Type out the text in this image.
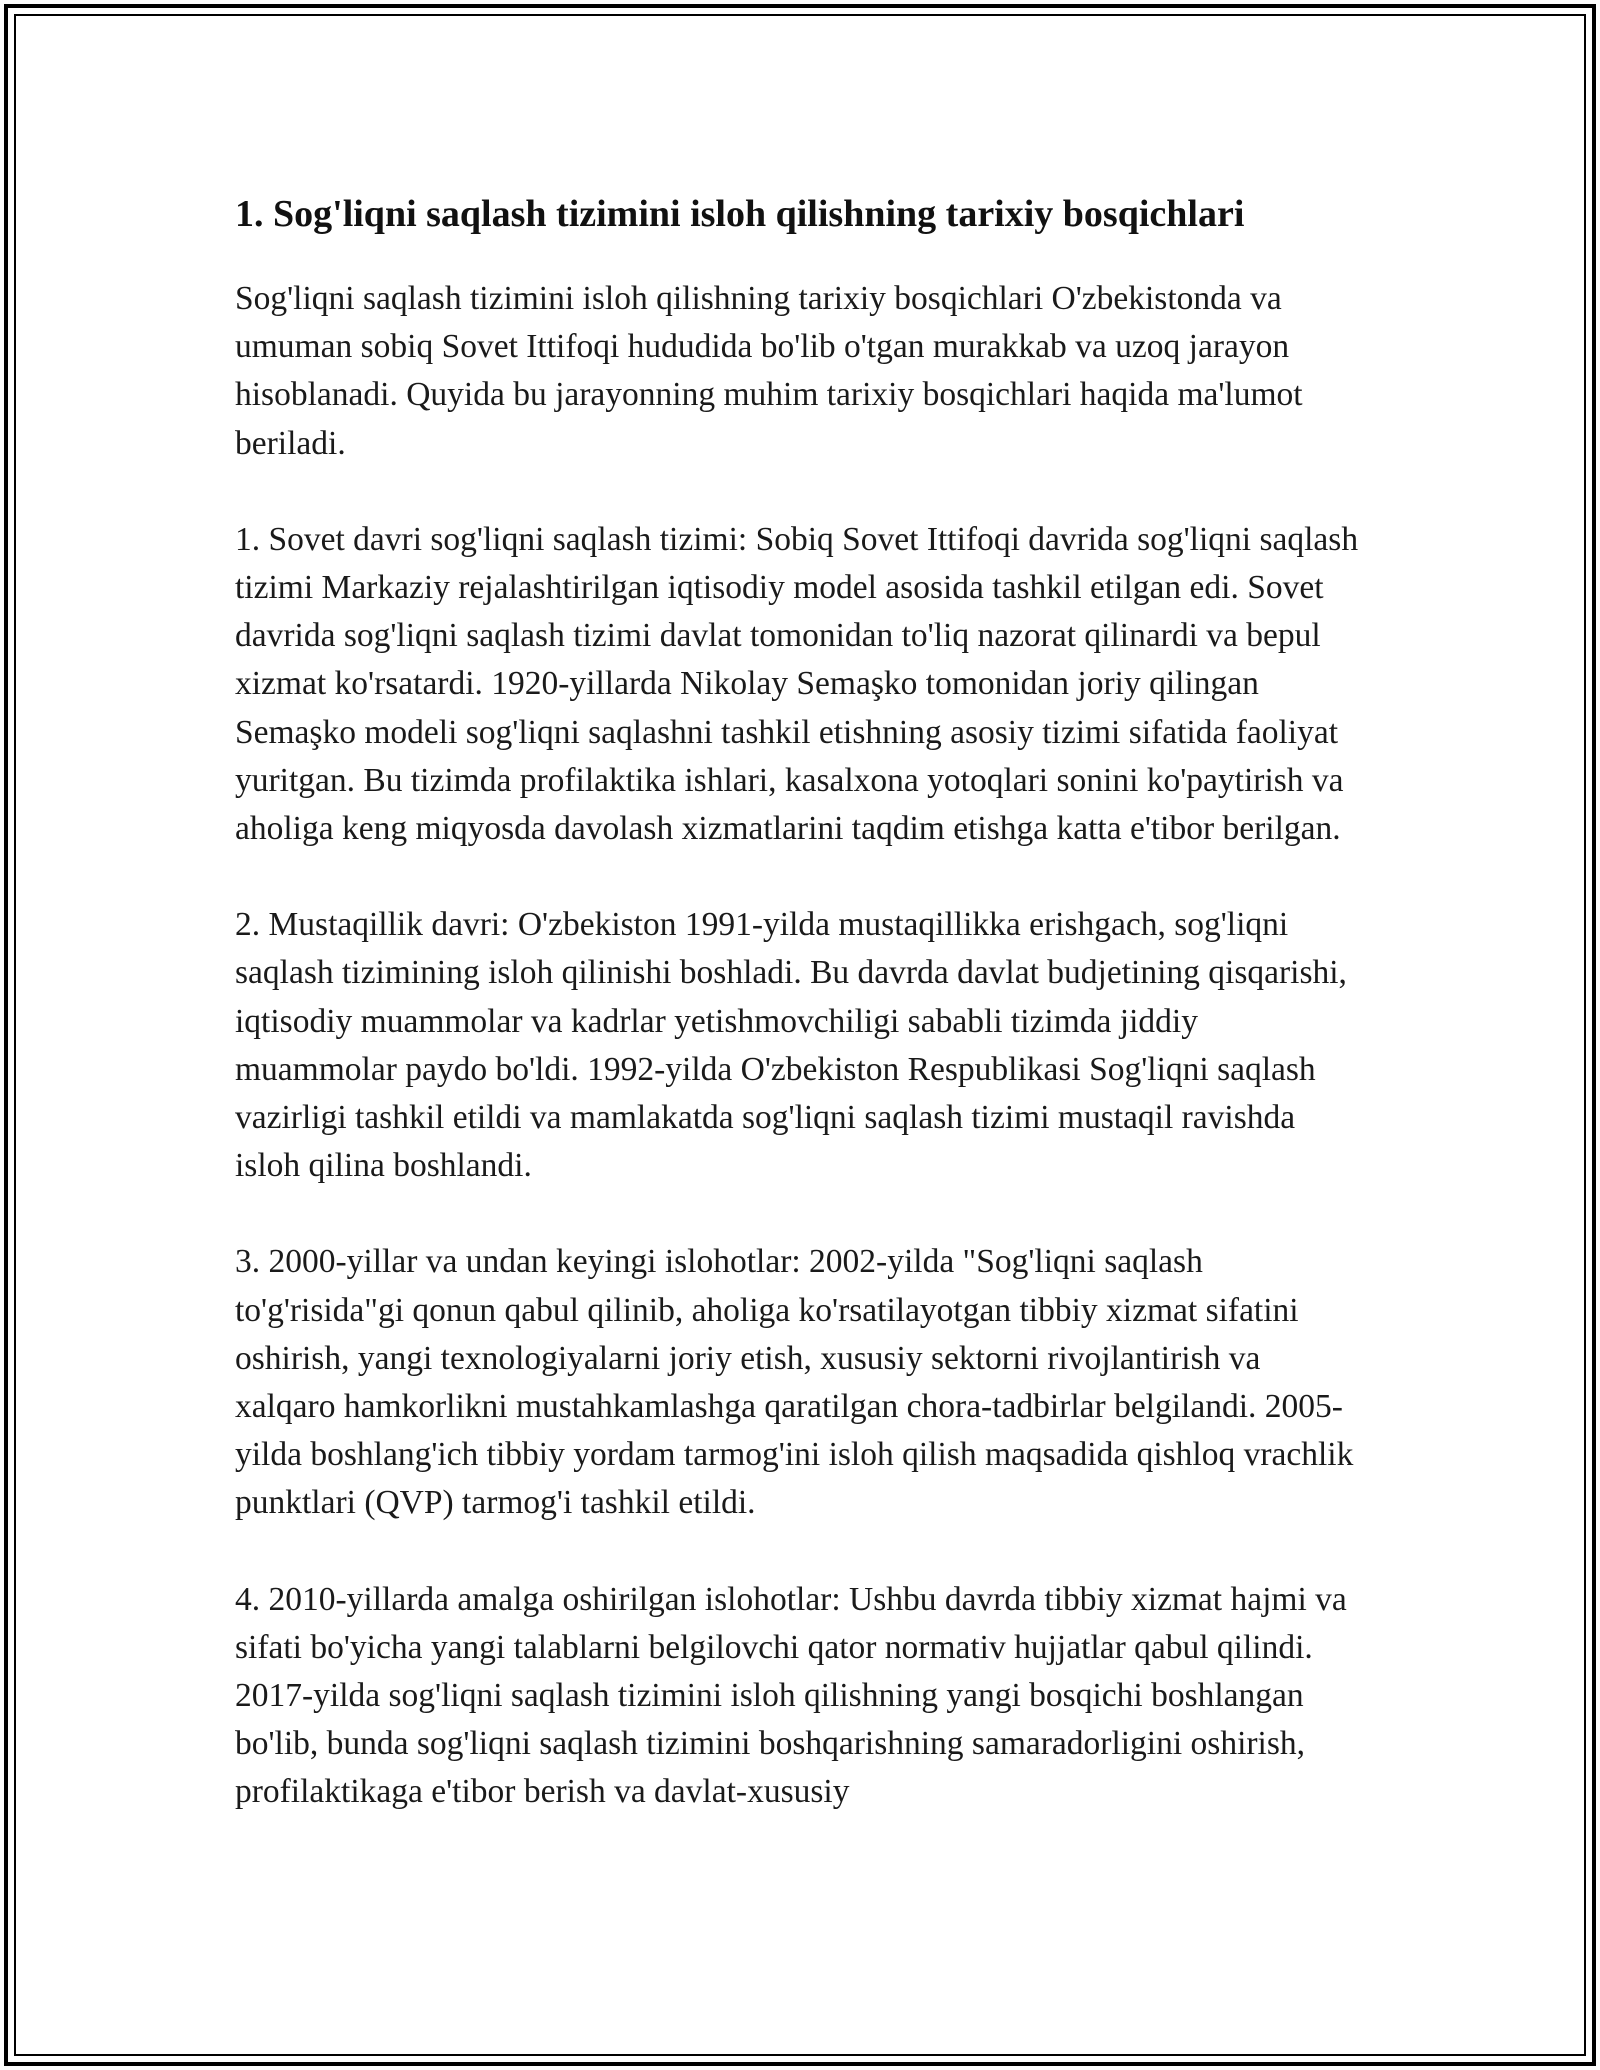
1. Sog'liqni saqlash tizimini isloh qilishning tarixiy bosqichlari

Sog'liqni saqlash tizimini isloh qilishning tarixiy bosqichlari O'zbekistonda va umuman sobiq Sovet Ittifoqi hududida bo'lib o'tgan murakkab va uzoq jarayon hisoblanadi. Quyida bu jarayonning muhim tarixiy bosqichlari haqida ma'lumot beriladi.

1. Sovet davri sog'liqni saqlash tizimi: Sobiq Sovet Ittifoqi davrida sog'liqni saqlash tizimi Markaziy rejalashtirilgan iqtisodiy model asosida tashkil etilgan edi. Sovet davrida sog'liqni saqlash tizimi davlat tomonidan to'liq nazorat qilinardi va bepul xizmat ko'rsatardi. 1920-yillarda Nikolay Semaşko tomonidan joriy qilingan Semaşko modeli sog'liqni saqlashni tashkil etishning asosiy tizimi sifatida faoliyat yuritgan. Bu tizimda profilaktika ishlari, kasalxona yotoqlari sonini ko'paytirish va aholiga keng miqyosda davolash xizmatlarini taqdim etishga katta e'tibor berilgan.

2. Mustaqillik davri: O'zbekiston 1991-yilda mustaqillikka erishgach, sog'liqni saqlash tizimining isloh qilinishi boshladi. Bu davrda davlat budjetining qisqarishi, iqtisodiy muammolar va kadrlar yetishmovchiligi sababli tizimda jiddiy muammolar paydo bo'ldi. 1992-yilda O'zbekiston Respublikasi Sog'liqni saqlash vazirligi tashkil etildi va mamlakatda sog'liqni saqlash tizimi mustaqil ravishda isloh qilina boshlandi.

3. 2000-yillar va undan keyingi islohotlar: 2002-yilda "Sog'liqni saqlash to'g'risida"gi qonun qabul qilinib, aholiga ko'rsatilayotgan tibbiy xizmat sifatini oshirish, yangi texnologiyalarni joriy etish, xususiy sektorni rivojlantirish va xalqaro hamkorlikni mustahkamlashga qaratilgan chora-tadbirlar belgilandi. 2005-yilda boshlang'ich tibbiy yordam tarmog'ini isloh qilish maqsadida qishloq vrachlik punktlari (QVP) tarmog'i tashkil etildi.

4. 2010-yillarda amalga oshirilgan islohotlar: Ushbu davrda tibbiy xizmat hajmi va sifati bo'yicha yangi talablarni belgilovchi qator normativ hujjatlar qabul qilindi. 2017-yilda sog'liqni saqlash tizimini isloh qilishning yangi bosqichi boshlangan bo'lib, bunda sog'liqni saqlash tizimini boshqarishning samaradorligini oshirish, profilaktikaga e'tibor berish va davlat-xususiy
